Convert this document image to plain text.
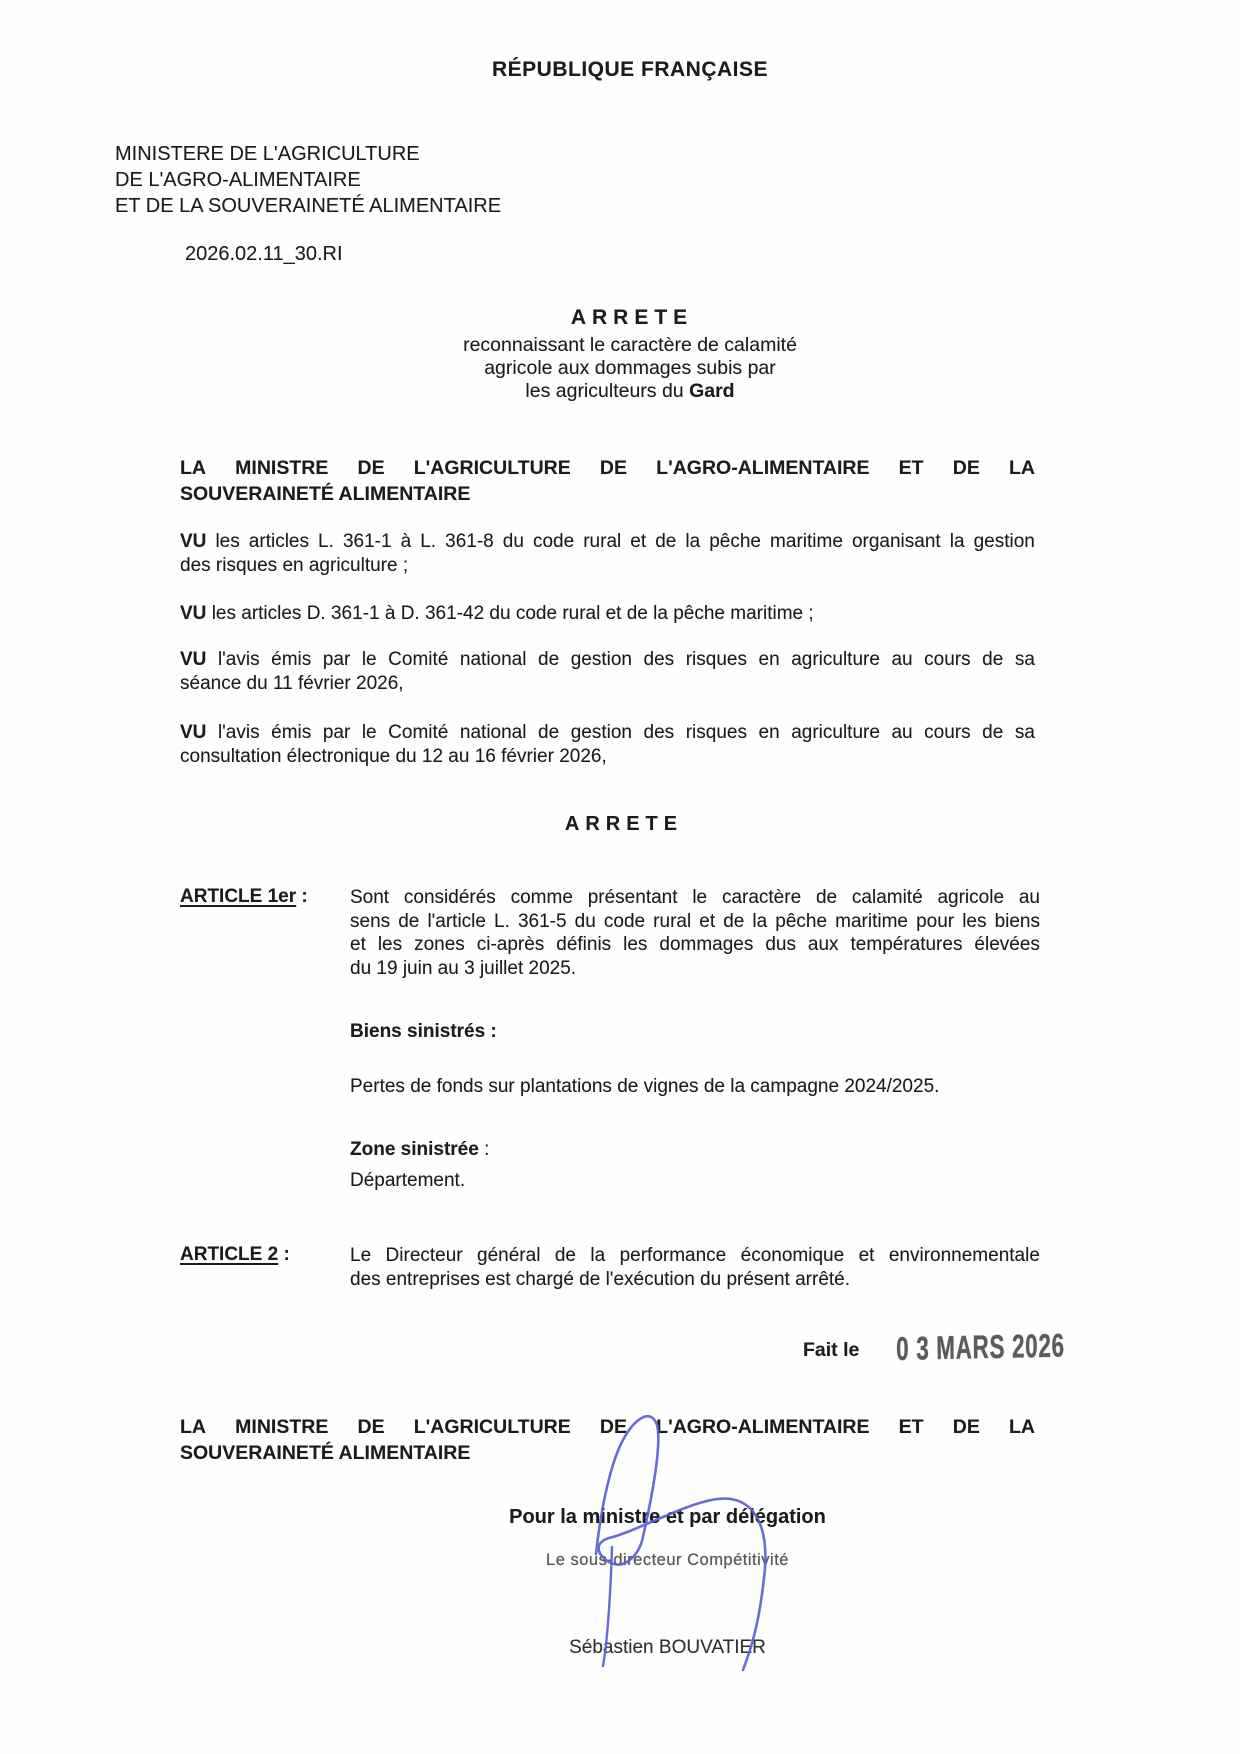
RÉPUBLIQUE FRANÇAISE
MINISTERE DE L'AGRICULTURE
DE L'AGRO-ALIMENTAIRE
ET DE LA SOUVERAINETÉ ALIMENTAIRE
2026.02.11_30.RI
ARRETE
reconnaissant le caractère de calamité
agricole aux dommages subis par
les agriculteurs du Gard
LA MINISTRE DE L'AGRICULTURE DE L'AGRO-ALIMENTAIRE ET DE LA
SOUVERAINETÉ ALIMENTAIRE
VU les articles L. 361-1 à L. 361-8 du code rural et de la pêche maritime organisant la gestion
des risques en agriculture ;
VU les articles D. 361-1 à D. 361-42 du code rural et de la pêche maritime ;
VU l'avis émis par le Comité national de gestion des risques en agriculture au cours de sa
séance du 11 février 2026,
VU l'avis émis par le Comité national de gestion des risques en agriculture au cours de sa
consultation électronique du 12 au 16 février 2026,
ARRETE
ARTICLE 1er : Sont considérés comme présentant le caractère de calamité agricole au
sens de l'article L. 361-5 du code rural et de la pêche maritime pour les biens
et les zones ci-après définis les dommages dus aux températures élevées
du 19 juin au 3 juillet 2025.
Biens sinistrés :
Pertes de fonds sur plantations de vignes de la campagne 2024/2025.
Zone sinistrée :
Département.
ARTICLE 2 :	Le Directeur général de la performance économique et environnementale
des entreprises est chargé de l'exécution du présent arrêté.
Fait le 0 3 MARS 2026
LA MINISTRE DE L'AGRICULTURE DE L'AGRO-ALIMENTAIRE ET DE LA
SOUVERAINETÉ ALIMENTAIRE
Pour la ministre et par délégation
Le sous-directeur Compétitivité
Sébastien BOUVATIER
